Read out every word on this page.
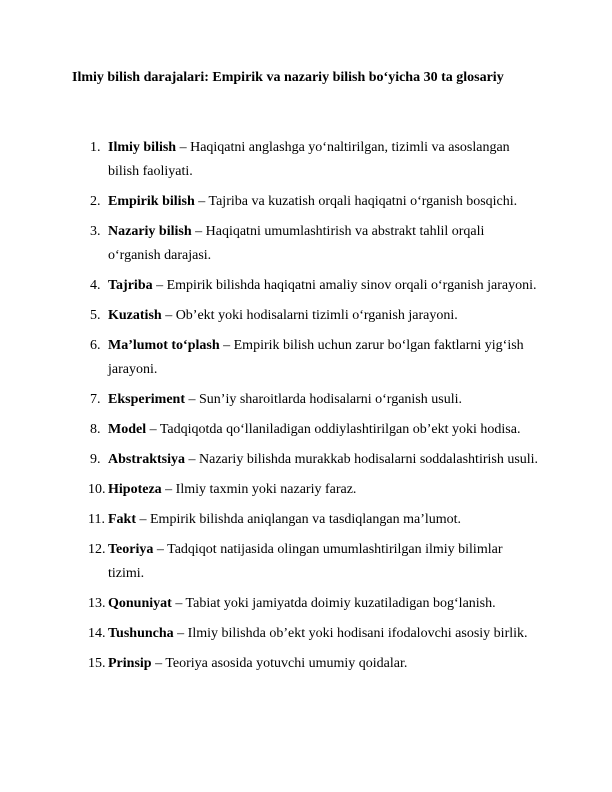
Ilmiy bilish darajalari: Empirik va nazariy bilish bo‘yicha 30 ta glosariy
1. Ilmiy bilish – Haqiqatni anglashga yo‘naltirilgan, tizimli va asoslangan bilish faoliyati.
2. Empirik bilish – Tajriba va kuzatish orqali haqiqatni o‘rganish bosqichi.
3. Nazariy bilish – Haqiqatni umumlashtirish va abstrakt tahlil orqali o‘rganish darajasi.
4. Tajriba – Empirik bilishda haqiqatni amaliy sinov orqali o‘rganish jarayoni.
5. Kuzatish – Ob’ekt yoki hodisalarni tizimli o‘rganish jarayoni.
6. Ma’lumot to‘plash – Empirik bilish uchun zarur bo‘lgan faktlarni yig‘ish jarayoni.
7. Eksperiment – Sun’iy sharoitlarda hodisalarni o‘rganish usuli.
8. Model – Tadqiqotda qo‘llaniladigan oddiylashtirilgan ob’ekt yoki hodisa.
9. Abstraktsiya – Nazariy bilishda murakkab hodisalarni soddalashtirish usuli.
10. Hipoteza – Ilmiy taxmin yoki nazariy faraz.
11. Fakt – Empirik bilishda aniqlangan va tasdiqlangan ma’lumot.
12. Teoriya – Tadqiqot natijasida olingan umumlashtirilgan ilmiy bilimlar tizimi.
13. Qonuniyat – Tabiat yoki jamiyatda doimiy kuzatiladigan bog‘lanish.
14. Tushuncha – Ilmiy bilishda ob’ekt yoki hodisani ifodalovchi asosiy birlik.
15. Prinsip – Teoriya asosida yotuvchi umumiy qoidalar.
